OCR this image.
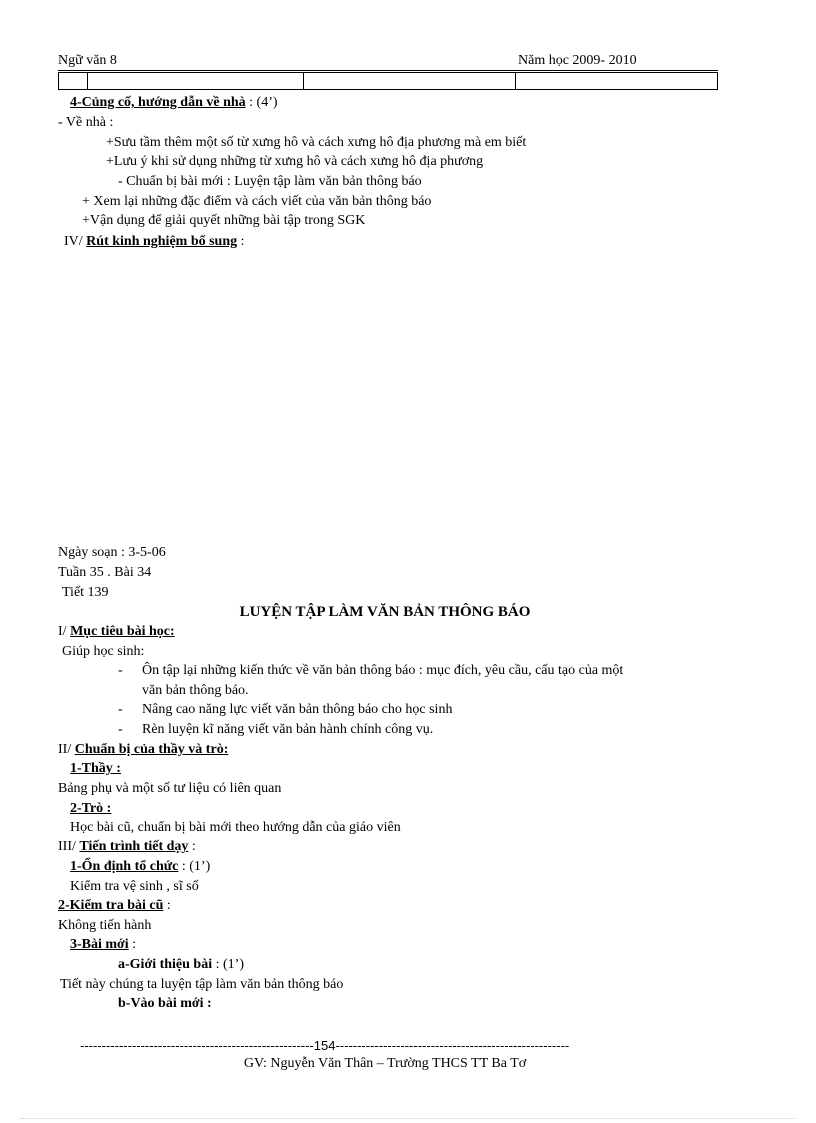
Ngữ văn 8	Năm học 2009- 2010
4-Củng cố, hướng dẫn về nhà : (4’)
- Về nhà :
+Sưu tầm thêm một số từ xưng hô và cách xưng hô địa phương mà em biết
+Lưu ý khi sử dụng những từ xưng hô và cách xưng hô địa phương
- Chuẩn bị bài mới : Luyện tập làm văn bản thông báo
+ Xem lại những đặc điểm và cách viết của văn bản thông báo
+Vận dụng để giải quyết những bài tập trong SGK
IV/ Rút kinh nghiệm bổ sung :
Ngày soạn : 3-5-06
Tuần 35 . Bài 34
Tiết 139
LUYỆN TẬP LÀM VĂN BẢN THÔNG BÁO
I/ Mục tiêu bài học:
Giúp học sinh:
- Ôn tập lại những kiến thức về văn bản thông báo : mục đích, yêu cầu, cấu tạo của một
văn bản thông báo.
- Nâng cao năng lực viết văn bản thông báo cho học sinh
- Rèn luyện kĩ năng viết văn bản hành chính công vụ.
II/ Chuẩn bị của thầy và trò:
1-Thầy :
Bảng phụ và một số tư liệu có liên quan
2-Trò :
Học bài cũ, chuẩn bị bài mới theo hướng dẫn của giáo viên
III/ Tiến trình tiết dạy :
1-Ổn định tổ chức : (1’)
Kiểm tra vệ sinh , sĩ số
2-Kiểm tra bài cũ :
Không tiến hành
3-Bài mới :
a-Giới thiệu bài : (1’)
Tiết này chúng ta luyện tập làm văn bản thông báo
b-Vào bài mới :
------------------------------------------------------154------------------------------------------------------
GV: Nguyễn Văn Thân – Trường THCS TT Ba Tơ
